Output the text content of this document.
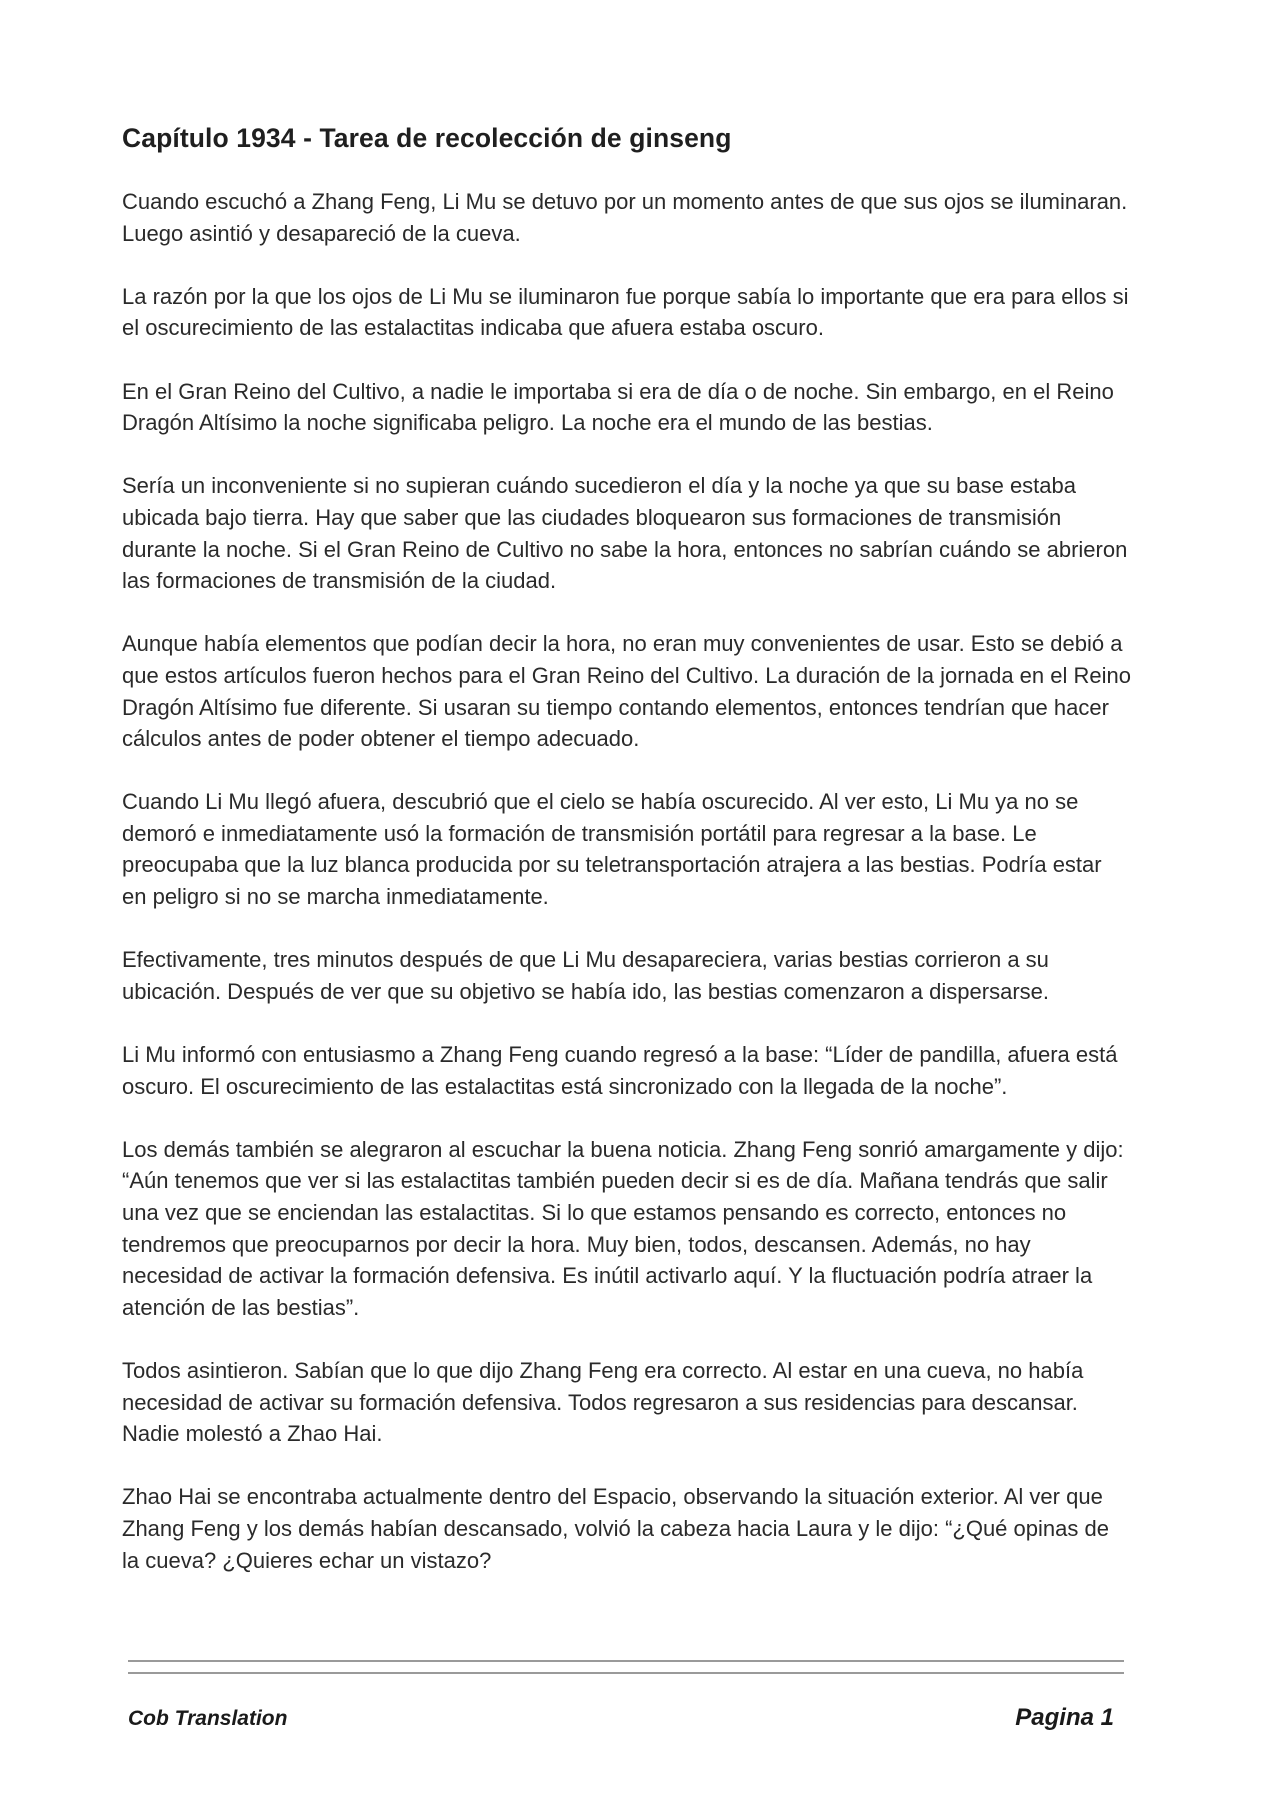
Capítulo 1934 - Tarea de recolección de ginseng

Cuando escuchó a Zhang Feng, Li Mu se detuvo por un momento antes de que sus ojos se iluminaran. Luego asintió y desapareció de la cueva.

La razón por la que los ojos de Li Mu se iluminaron fue porque sabía lo importante que era para ellos si el oscurecimiento de las estalactitas indicaba que afuera estaba oscuro.

En el Gran Reino del Cultivo, a nadie le importaba si era de día o de noche. Sin embargo, en el Reino Dragón Altísimo la noche significaba peligro. La noche era el mundo de las bestias.

Sería un inconveniente si no supieran cuándo sucedieron el día y la noche ya que su base estaba ubicada bajo tierra. Hay que saber que las ciudades bloquearon sus formaciones de transmisión durante la noche. Si el Gran Reino de Cultivo no sabe la hora, entonces no sabrían cuándo se abrieron las formaciones de transmisión de la ciudad.

Aunque había elementos que podían decir la hora, no eran muy convenientes de usar. Esto se debió a que estos artículos fueron hechos para el Gran Reino del Cultivo. La duración de la jornada en el Reino Dragón Altísimo fue diferente. Si usaran su tiempo contando elementos, entonces tendrían que hacer cálculos antes de poder obtener el tiempo adecuado.

Cuando Li Mu llegó afuera, descubrió que el cielo se había oscurecido. Al ver esto, Li Mu ya no se demoró e inmediatamente usó la formación de transmisión portátil para regresar a la base. Le preocupaba que la luz blanca producida por su teletransportación atrajera a las bestias. Podría estar en peligro si no se marcha inmediatamente.

Efectivamente, tres minutos después de que Li Mu desapareciera, varias bestias corrieron a su ubicación. Después de ver que su objetivo se había ido, las bestias comenzaron a dispersarse.

Li Mu informó con entusiasmo a Zhang Feng cuando regresó a la base: “Líder de pandilla, afuera está oscuro. El oscurecimiento de las estalactitas está sincronizado con la llegada de la noche”.

Los demás también se alegraron al escuchar la buena noticia. Zhang Feng sonrió amargamente y dijo: “Aún tenemos que ver si las estalactitas también pueden decir si es de día. Mañana tendrás que salir una vez que se enciendan las estalactitas. Si lo que estamos pensando es correcto, entonces no tendremos que preocuparnos por decir la hora. Muy bien, todos, descansen. Además, no hay necesidad de activar la formación defensiva. Es inútil activarlo aquí. Y la fluctuación podría atraer la atención de las bestias”.

Todos asintieron. Sabían que lo que dijo Zhang Feng era correcto. Al estar en una cueva, no había necesidad de activar su formación defensiva. Todos regresaron a sus residencias para descansar. Nadie molestó a Zhao Hai.

Zhao Hai se encontraba actualmente dentro del Espacio, observando la situación exterior. Al ver que Zhang Feng y los demás habían descansado, volvió la cabeza hacia Laura y le dijo: “¿Qué opinas de la cueva? ¿Quieres echar un vistazo?

Cob Translation	Pagina 1
